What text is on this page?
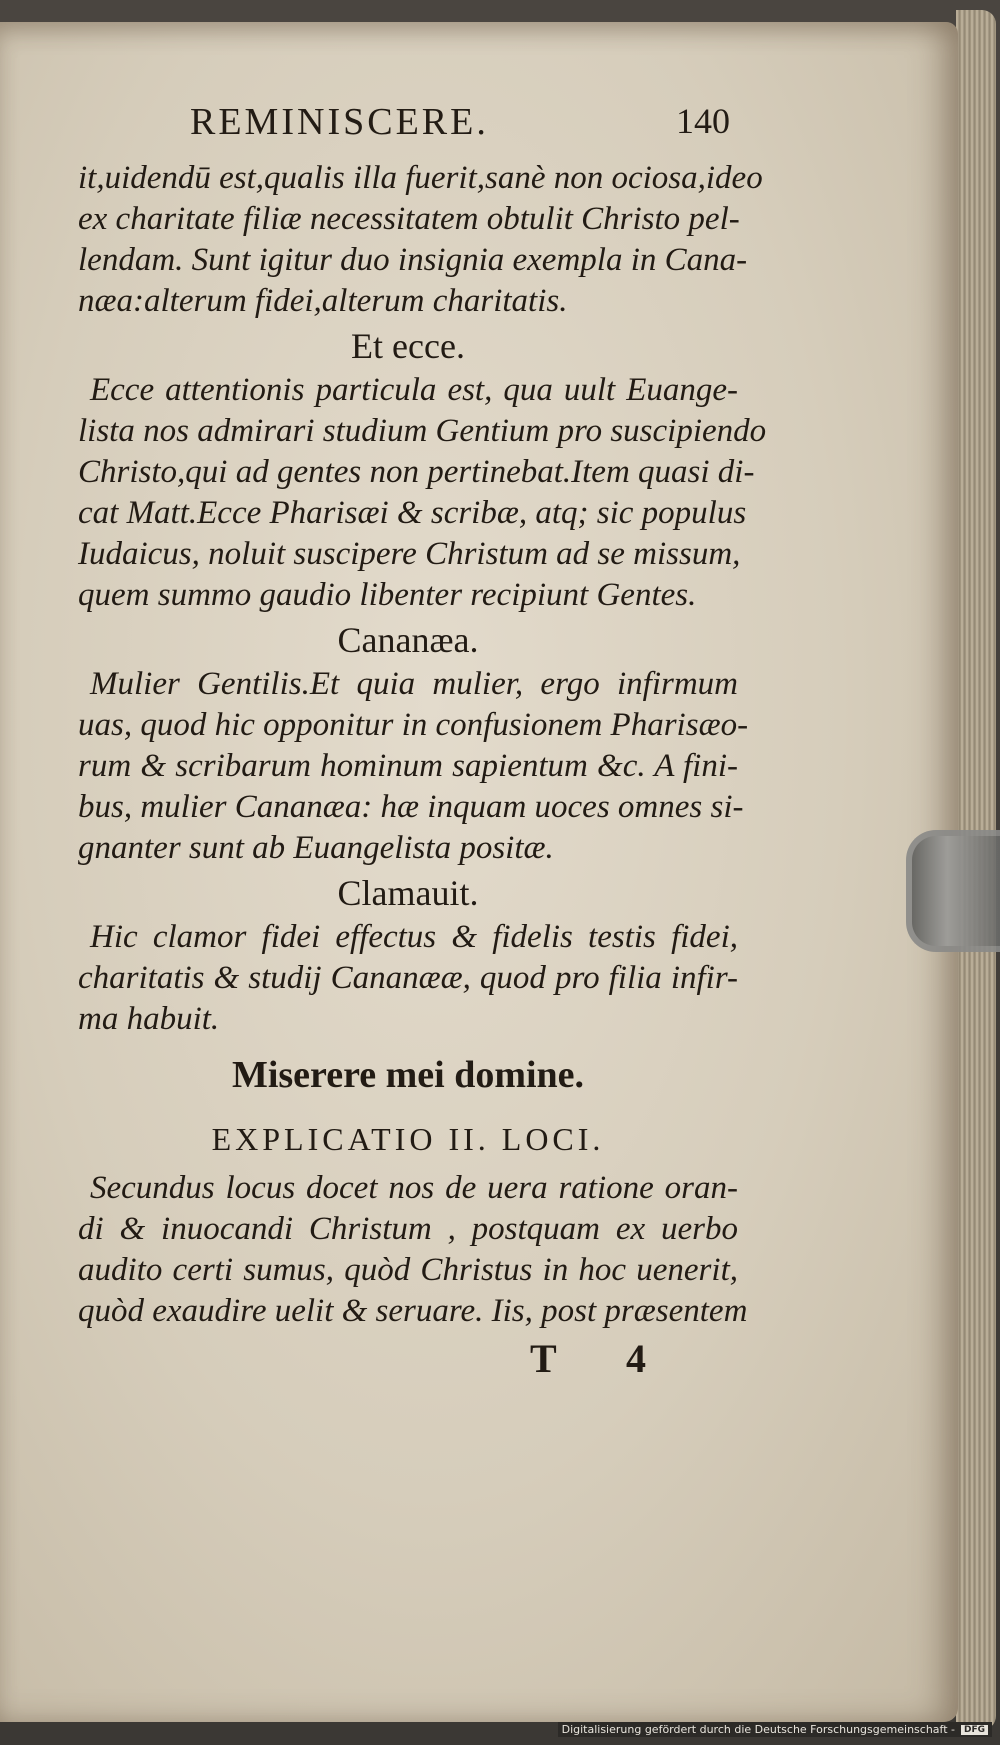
REMINISCERE.	140
it,uidendū est,qualis illa fuerit,sanè non ociosa,ideo
ex charitate filiæ necessitatem obtulit Christo pel-
lendam. Sunt igitur duo insignia exempla in Cana-
næa:alterum fidei,alterum charitatis.
Et ecce.
Ecce attentionis particula est, qua uult Euange-
lista nos admirari studium Gentium pro suscipiendo
Christo,qui ad gentes non pertinebat.Item quasi di-
cat Matt.Ecce Pharisæi & scribæ, atq; sic populus
Iudaicus, noluit suscipere Christum ad se missum,
quem summo gaudio libenter recipiunt Gentes.
Cananæa.
Mulier Gentilis.Et quia mulier, ergo infirmum
uas, quod hic opponitur in confusionem Pharisæo-
rum & scribarum hominum sapientum &c. A fini-
bus, mulier Cananæa: hæ inquam uoces omnes si-
gnanter sunt ab Euangelista positæ.
Clamauit.
Hic clamor fidei effectus & fidelis testis fidei,
charitatis & studij Cananææ, quod pro filia infir-
ma habuit.
Miserere mei domine.
EXPLICATIO II. LOCI.
Secundus locus docet nos de uera ratione oran-
di & inuocandi Christum , postquam ex uerbo
audito certi sumus, quòd Christus in hoc uenerit,
quòd exaudire uelit & seruare. Iis, post præsentem
T 4
Digitalisierung gefördert durch die Deutsche Forschungsgemeinschaft -	DFG
